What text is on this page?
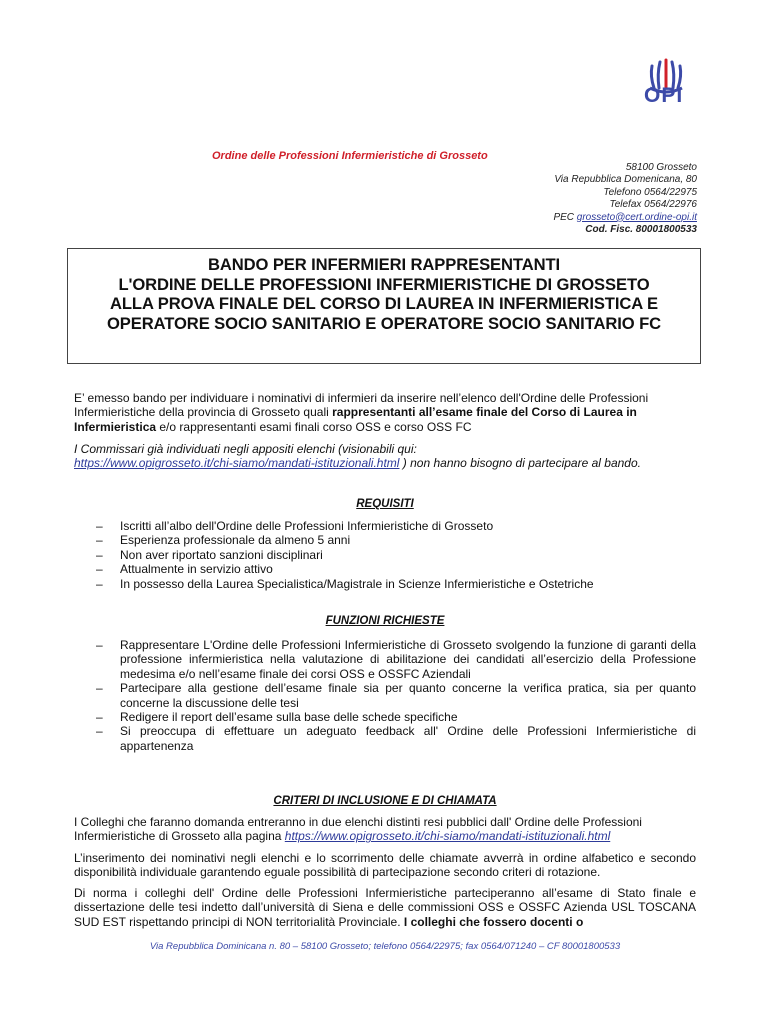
OPI
Ordine delle Professioni Infermieristiche di Grosseto
58100 Grosseto
Via Repubblica Domenicana, 80
Telefono 0564/22975
Telefax 0564/22976
PEC grosseto@cert.ordine-opi.it
Cod. Fisc. 80001800533
BANDO PER INFERMIERI RAPPRESENTANTI
L'ORDINE DELLE PROFESSIONI INFERMIERISTICHE DI GROSSETO
ALLA PROVA FINALE DEL CORSO DI LAUREA IN INFERMIERISTICA E
OPERATORE SOCIO SANITARIO E OPERATORE SOCIO SANITARIO FC
E’ emesso bando per individuare i nominativi di infermieri da inserire nell’elenco dell'Ordine delle Professioni Infermieristiche della provincia di Grosseto quali rappresentanti all’esame finale del Corso di Laurea in Infermieristica e/o rappresentanti esami finali corso OSS e corso OSS FC
I Commissari già individuati negli appositi elenchi (visionabili qui:
https://www.opigrosseto.it/chi-siamo/mandati-istituzionali.html ) non hanno bisogno di partecipare al bando.
REQUISITI
– Iscritti all’albo dell'Ordine delle Professioni Infermieristiche di Grosseto
– Esperienza professionale da almeno 5 anni
– Non aver riportato sanzioni disciplinari
– Attualmente in servizio attivo
– In possesso della Laurea Specialistica/Magistrale in Scienze Infermieristiche e Ostetriche
FUNZIONI RICHIESTE
– Rappresentare L'Ordine delle Professioni Infermieristiche di Grosseto svolgendo la funzione di garanti della professione infermieristica nella valutazione di abilitazione dei candidati all’esercizio della Professione medesima e/o nell’esame finale dei corsi OSS e OSSFC Aziendali
– Partecipare alla gestione dell’esame finale sia per quanto concerne la verifica pratica, sia per quanto concerne la discussione delle tesi
– Redigere il report dell’esame sulla base delle schede specifiche
– Si preoccupa di effettuare un adeguato feedback all' Ordine delle Professioni Infermieristiche di appartenenza
CRITERI DI INCLUSIONE E DI CHIAMATA
I Colleghi che faranno domanda entreranno in due elenchi distinti resi pubblici dall' Ordine delle Professioni Infermieristiche di Grosseto alla pagina https://www.opigrosseto.it/chi-siamo/mandati-istituzionali.html
L’inserimento dei nominativi negli elenchi e lo scorrimento delle chiamate avverrà in ordine alfabetico e secondo disponibilità individuale garantendo eguale possibilità di partecipazione secondo criteri di rotazione.
Di norma i colleghi dell' Ordine delle Professioni Infermieristiche parteciperanno all’esame di Stato finale e dissertazione delle tesi indetto dall’università di Siena e delle commissioni OSS e OSSFC Azienda USL TOSCANA SUD EST rispettando principi di NON territorialità Provinciale. I colleghi che fossero docenti o
Via Repubblica Dominicana n. 80 – 58100 Grosseto; telefono 0564/22975; fax 0564/071240 – CF 80001800533
